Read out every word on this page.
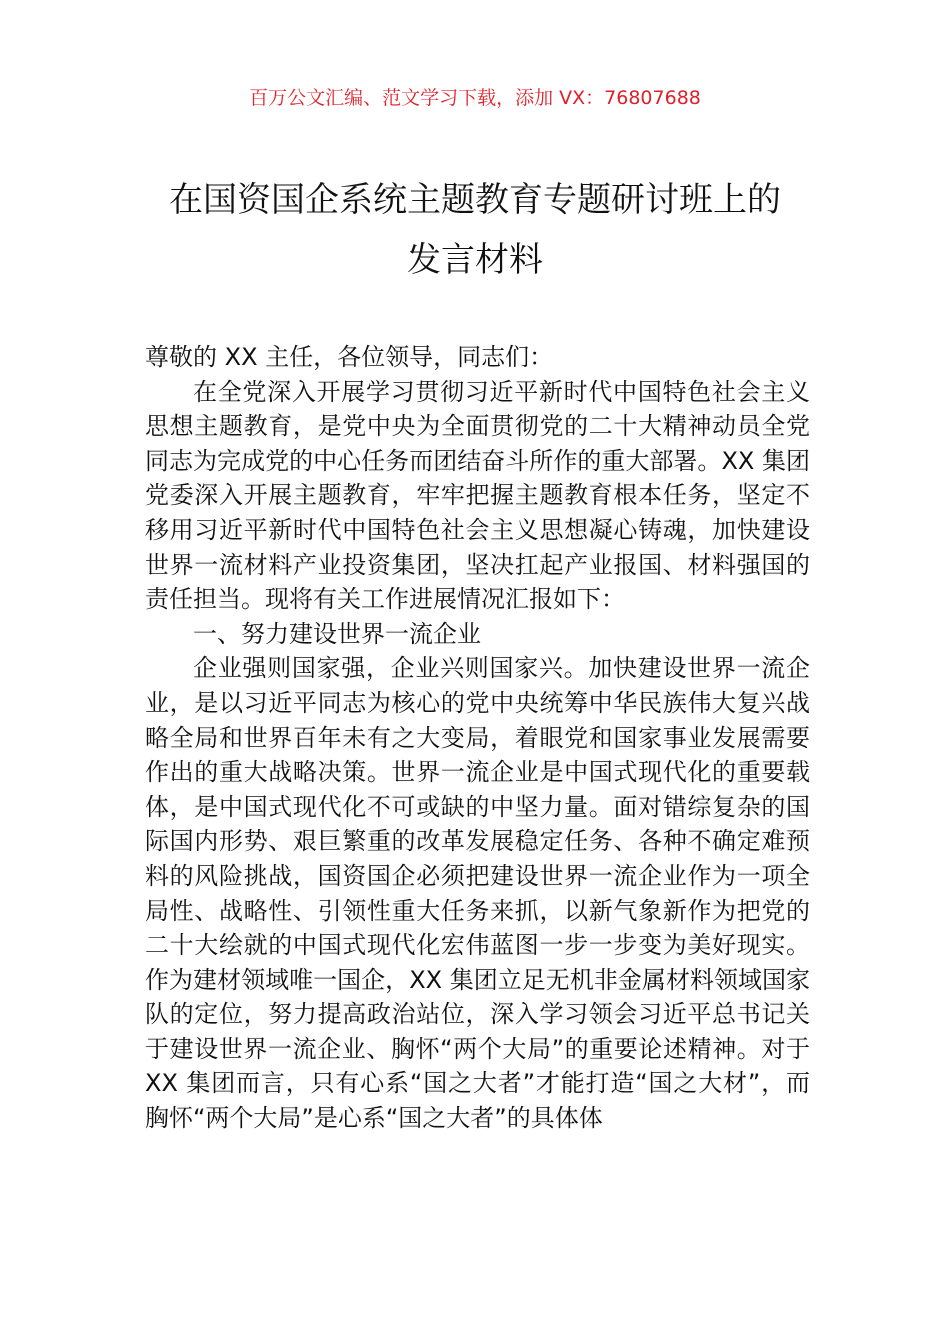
百万公文汇编、范文学习下载，添加 VX：76807688
在国资国企系统主题教育专题研讨班上的
发言材料

尊敬的 XX 主任，各位领导，同志们：

在全党深入开展学习贯彻习近平新时代中国特色社会主义思想主题教育，是党中央为全面贯彻党的二十大精神动员全党同志为完成党的中心任务而团结奋斗所作的重大部署。XX 集团党委深入开展主题教育，牢牢把握主题教育根本任务，坚定不移用习近平新时代中国特色社会主义思想凝心铸魂，加快建设世界一流材料产业投资集团，坚决扛起产业报国、材料强国的责任担当。现将有关工作进展情况汇报如下：

一、努力建设世界一流企业

企业强则国家强，企业兴则国家兴。加快建设世界一流企业，是以习近平同志为核心的党中央统筹中华民族伟大复兴战略全局和世界百年未有之大变局，着眼党和国家事业发展需要作出的重大战略决策。世界一流企业是中国式现代化的重要载体，是中国式现代化不可或缺的中坚力量。面对错综复杂的国际国内形势、艰巨繁重的改革发展稳定任务、各种不确定难预料的风险挑战，国资国企必须把建设世界一流企业作为一项全局性、战略性、引领性重大任务来抓，以新气象新作为把党的二十大绘就的中国式现代化宏伟蓝图一步一步变为美好现实。作为建材领域唯一国企，XX 集团立足无机非金属材料领域国家队的定位，努力提高政治站位，深入学习领会习近平总书记关于建设世界一流企业、胸怀“两个大局”的重要论述精神。对于 XX 集团而言，只有心系“国之大者”才能打造“国之大材”，而胸怀“两个大局”是心系“国之大者”的具体体
